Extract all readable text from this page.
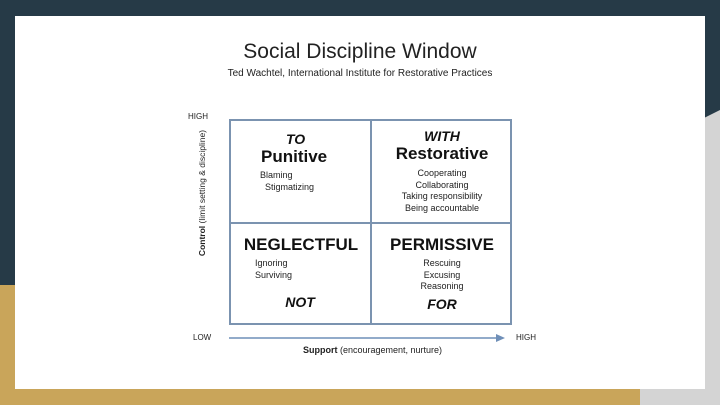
Social Discipline Window
Ted Wachtel, International Institute for Restorative Practices
HIGH
LOW	HIGH
Control (limit setting & discipline)
Support (encouragement, nurture)
TO
Punitive
Blaming
Stigmatizing
WITH
Restorative
Cooperating
Collaborating
Taking responsibility
Being accountable
NEGLECTFUL
Ignoring
Surviving
NOT
PERMISSIVE
Rescuing
Excusing
Reasoning
FOR
